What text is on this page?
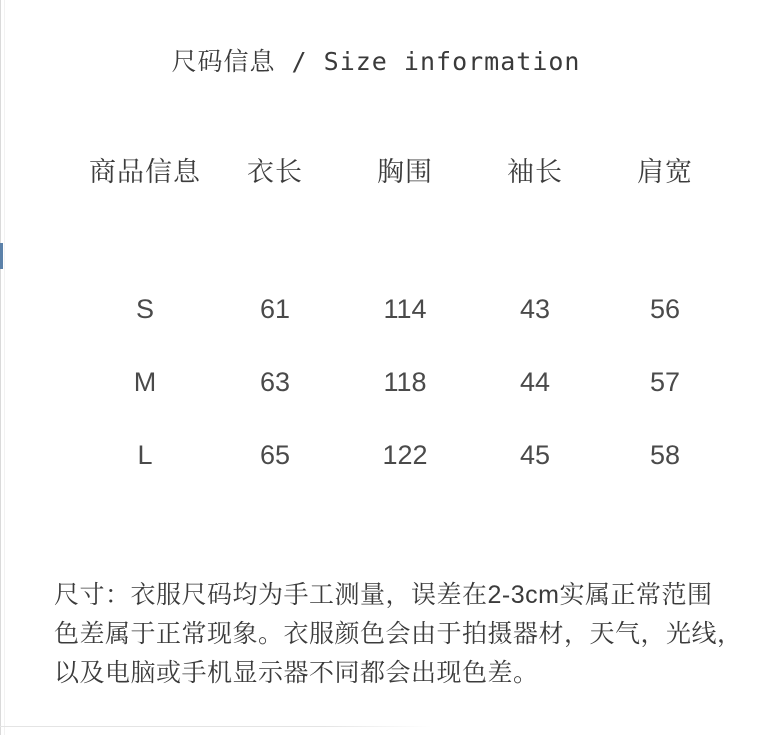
尺码信息 / Size information
商品信息	衣长	胸围	袖长	肩宽
S	61	114	43	56
M	63	118	44	57
L	65	122	45	58
尺寸：衣服尺码均为手工测量，误差在2-3cm实属正常范围
色差属于正常现象。衣服颜色会由于拍摄器材，天气，光线，
以及电脑或手机显示器不同都会出现色差。
